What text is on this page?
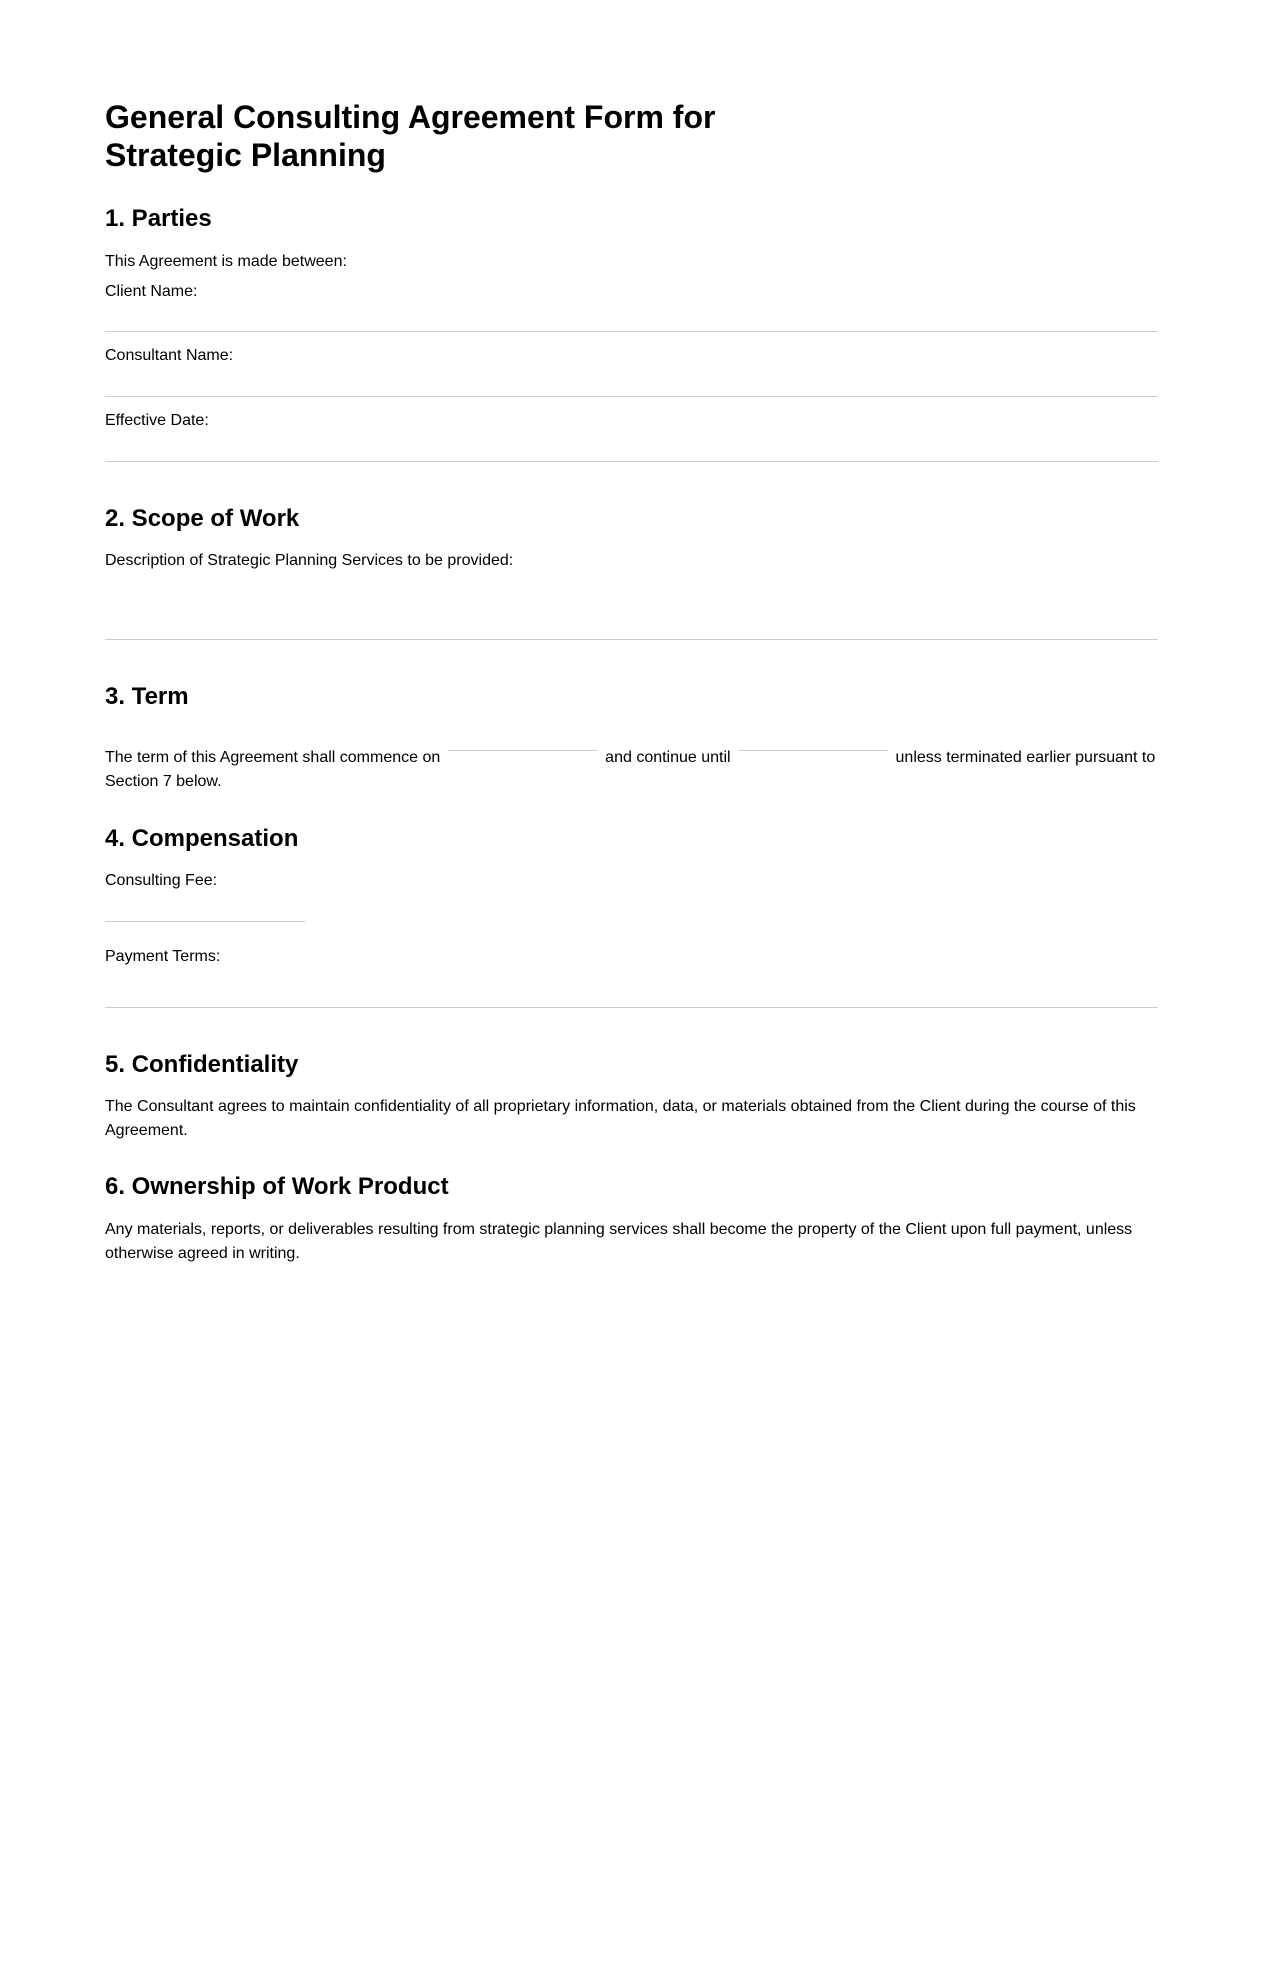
General Consulting Agreement Form for Strategic Planning
1. Parties
This Agreement is made between:
Client Name:
Consultant Name:
Effective Date:
2. Scope of Work
Description of Strategic Planning Services to be provided:
3. Term

The term of this Agreement shall commence on	and continue until	unless terminated earlier pursuant to Section 7 below.

4. Compensation
Consulting Fee:
Payment Terms:
5. Confidentiality

The Consultant agrees to maintain confidentiality of all proprietary information, data, or materials obtained from the Client during the course of this Agreement.

6. Ownership of Work Product

Any materials, reports, or deliverables resulting from strategic planning services shall become the property of the Client upon full payment, unless otherwise agreed in writing.
